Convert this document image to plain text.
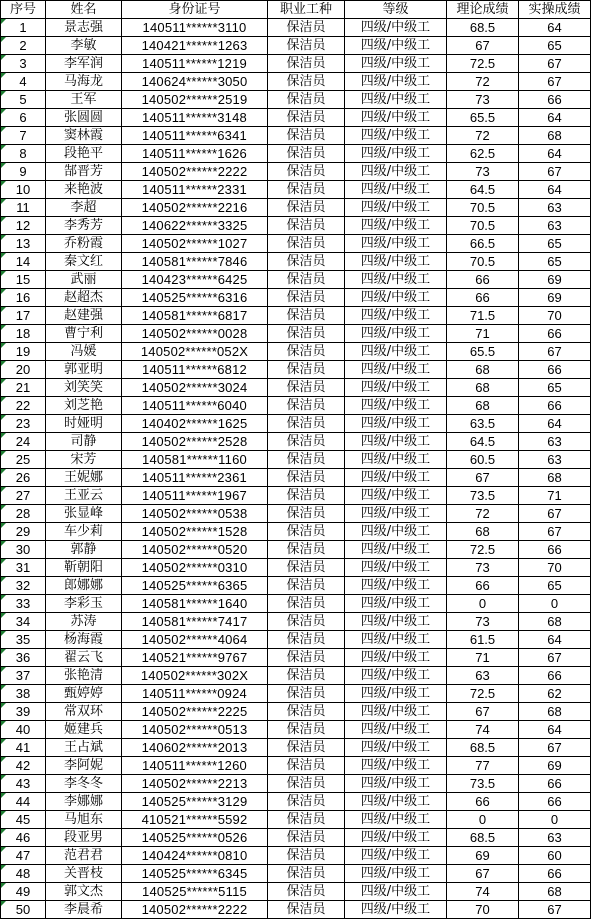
序号	姓名	身份证号	职业工种	等级	理论成绩	实操成绩
1	景志强	140511******3110	保洁员	四级/中级工	68.5	64
2	李敏	140421******1263	保洁员	四级/中级工	67	65
3	李军润	140511******1219	保洁员	四级/中级工	72.5	67
4	马海龙	140624******3050	保洁员	四级/中级工	72	67
5	王军	140502******2519	保洁员	四级/中级工	73	66
6	张圆圆	140511******3148	保洁员	四级/中级工	65.5	64
7	窦林霞	140511******6341	保洁员	四级/中级工	72	68
8	段艳平	140511******1626	保洁员	四级/中级工	62.5	64
9	郜晋芳	140502******2222	保洁员	四级/中级工	73	67
10	来艳波	140511******2331	保洁员	四级/中级工	64.5	64
11	李超	140502******2216	保洁员	四级/中级工	70.5	63
12	李秀芳	140622******3325	保洁员	四级/中级工	70.5	63
13	乔粉霞	140502******1027	保洁员	四级/中级工	66.5	65
14	秦文红	140581******7846	保洁员	四级/中级工	70.5	65
15	武丽	140423******6425	保洁员	四级/中级工	66	69
16	赵超杰	140525******6316	保洁员	四级/中级工	66	69
17	赵建强	140581******6817	保洁员	四级/中级工	71.5	70
18	曹宁利	140502******0028	保洁员	四级/中级工	71	66
19	冯媛	140502******052X	保洁员	四级/中级工	65.5	67
20	郭亚明	140511******6812	保洁员	四级/中级工	68	66
21	刘笑笑	140502******3024	保洁员	四级/中级工	68	65
22	刘芝艳	140511******6040	保洁员	四级/中级工	68	66
23	时娅明	140402******1625	保洁员	四级/中级工	63.5	64
24	司静	140502******2528	保洁员	四级/中级工	64.5	63
25	宋芳	140581******1160	保洁员	四级/中级工	60.5	63
26	王妮娜	140511******2361	保洁员	四级/中级工	67	68
27	王亚云	140511******1967	保洁员	四级/中级工	73.5	71
28	张显峰	140502******0538	保洁员	四级/中级工	72	67
29	车少莉	140502******1528	保洁员	四级/中级工	68	67
30	郭静	140502******0520	保洁员	四级/中级工	72.5	66
31	靳朝阳	140502******0310	保洁员	四级/中级工	73	70
32	郎娜娜	140525******6365	保洁员	四级/中级工	66	65
33	李彩玉	140581******1640	保洁员	四级/中级工	0	0
34	苏涛	140581******7417	保洁员	四级/中级工	73	68
35	杨海霞	140502******4064	保洁员	四级/中级工	61.5	64
36	翟云飞	140521******9767	保洁员	四级/中级工	71	67
37	张艳清	140502******302X	保洁员	四级/中级工	63	66
38	甄婷婷	140511******0924	保洁员	四级/中级工	72.5	62
39	常双环	140502******2225	保洁员	四级/中级工	67	68
40	姬建兵	140502******0513	保洁员	四级/中级工	74	64
41	王占斌	140602******2013	保洁员	四级/中级工	68.5	67
42	李阿妮	140511******1260	保洁员	四级/中级工	77	69
43	李冬冬	140502******2213	保洁员	四级/中级工	73.5	66
44	李娜娜	140525******3129	保洁员	四级/中级工	66	66
45	马旭东	410521******5592	保洁员	四级/中级工	0	0
46	段亚男	140525******0526	保洁员	四级/中级工	68.5	63
47	范君君	140424******0810	保洁员	四级/中级工	69	60
48	关晋枝	140525******6345	保洁员	四级/中级工	67	66
49	郭文杰	140525******5115	保洁员	四级/中级工	74	68
50	李晨希	140502******2222	保洁员	四级/中级工	70	67
